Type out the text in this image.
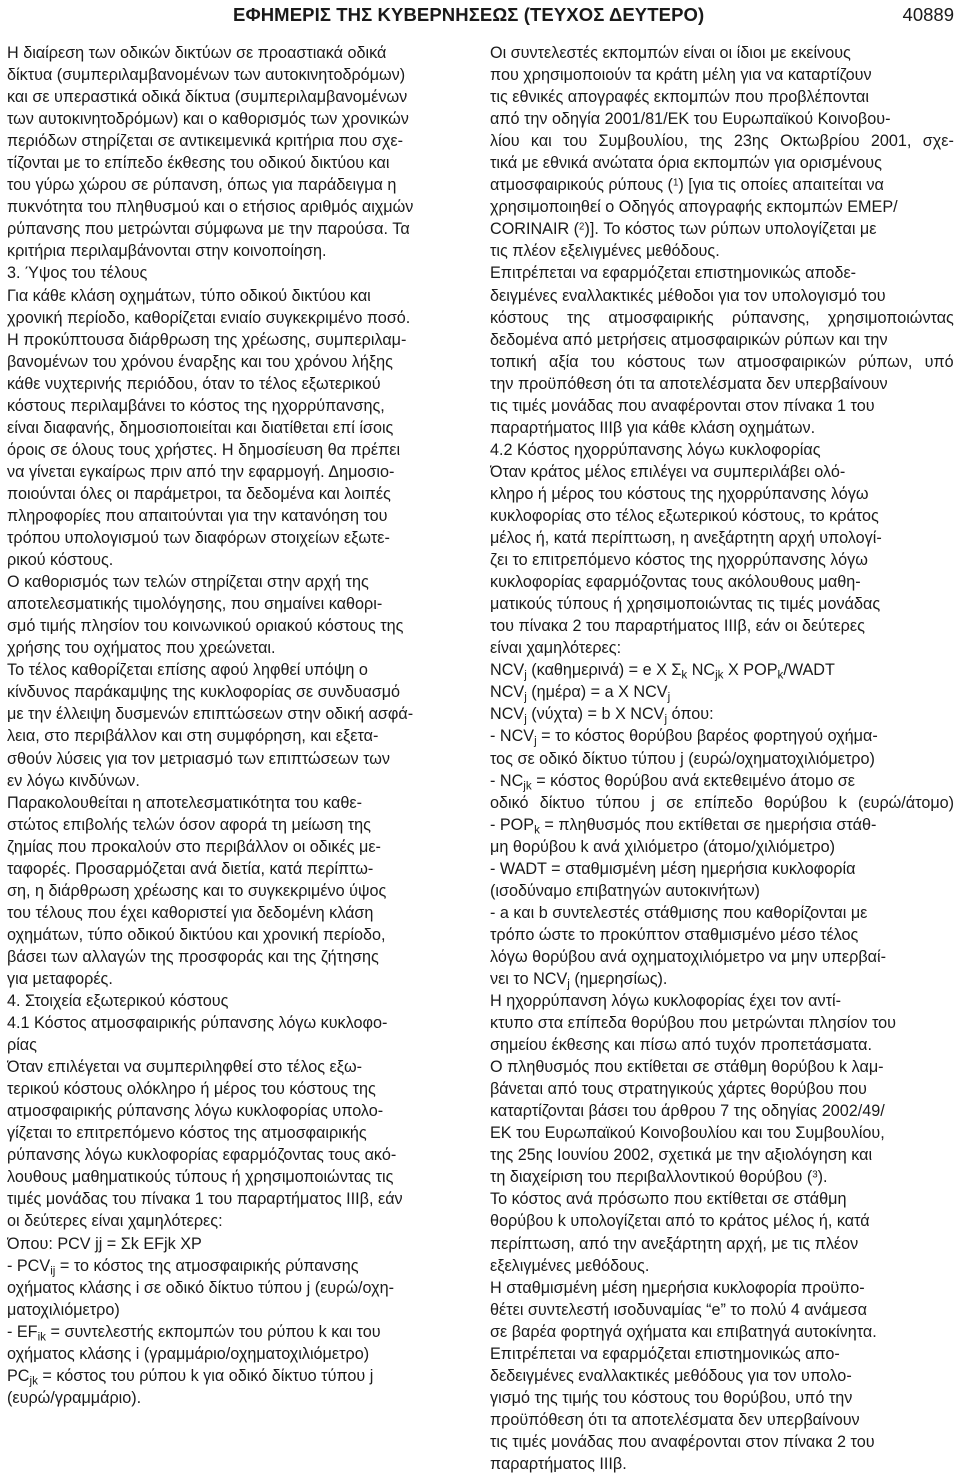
ΕΦΗΜΕΡΙΣ ΤΗΣ ΚΥΒΕΡΝΗΣΕΩΣ (ΤΕΥΧΟΣ ΔΕΥΤΕΡΟ)	40889
Η διαίρεση των οδικών δικτύων σε προαστιακά οδικά
δίκτυα (συμπεριλαμβανομένων των αυτοκινητοδρόμων)
και σε υπεραστικά οδικά δίκτυα (συμπεριλαμβανομένων
των αυτοκινητοδρόμων) και ο καθορισμός των χρονικών
περιόδων στηρίζεται σε αντικειμενικά κριτήρια που σχε-
τίζονται με το επίπεδο έκθεσης του οδικού δικτύου και
του γύρω χώρου σε ρύπανση, όπως για παράδειγμα η
πυκνότητα του πληθυσμού και ο ετήσιος αριθμός αιχμών
ρύπανσης που μετρώνται σύμφωνα με την παρούσα. Τα
κριτήρια περιλαμβάνονται στην κοινοποίηση.
3. Ύψος του τέλους
Για κάθε κλάση οχημάτων, τύπο οδικού δικτύου και
χρονική περίοδο, καθορίζεται ενιαίο συγκεκριμένο ποσό.
Η προκύπτουσα διάρθρωση της χρέωσης, συμπεριλαμ-
βανομένων του χρόνου έναρξης και του χρόνου λήξης
κάθε νυχτερινής περιόδου, όταν το τέλος εξωτερικού
κόστους περιλαμβάνει το κόστος της ηχορρύπανσης,
είναι διαφανής, δημοσιοποιείται και διατίθεται επί ίσοις
όροις σε όλους τους χρήστες. Η δημοσίευση θα πρέπει
να γίνεται εγκαίρως πριν από την εφαρμογή. Δημοσιο-
ποιούνται όλες οι παράμετροι, τα δεδομένα και λοιπές
πληροφορίες που απαιτούνται για την κατανόηση του
τρόπου υπολογισμού των διαφόρων στοιχείων εξωτε-
ρικού κόστους.
Ο καθορισμός των τελών στηρίζεται στην αρχή της
αποτελεσματικής τιμολόγησης, που σημαίνει καθορι-
σμό τιμής πλησίον του κοινωνικού οριακού κόστους της
χρήσης του οχήματος που χρεώνεται.
Το τέλος καθορίζεται επίσης αφού ληφθεί υπόψη ο
κίνδυνος παράκαμψης της κυκλοφορίας σε συνδυασμό
με την έλλειψη δυσμενών επιπτώσεων στην οδική ασφά-
λεια, στο περιβάλλον και στη συμφόρηση, και εξετα-
σθούν λύσεις για τον μετριασμό των επιπτώσεων των
εν λόγω κινδύνων.
Παρακολουθείται η αποτελεσματικότητα του καθε-
στώτος επιβολής τελών όσον αφορά τη μείωση της
ζημίας που προκαλούν στο περιβάλλον οι οδικές με-
ταφορές. Προσαρμόζεται ανά διετία, κατά περίπτω-
ση, η διάρθρωση χρέωσης και το συγκεκριμένο ύψος
του τέλους που έχει καθοριστεί για δεδομένη κλάση
οχημάτων, τύπο οδικού δικτύου και χρονική περίοδο,
βάσει των αλλαγών της προσφοράς και της ζήτησης
για μεταφορές.
4. Στοιχεία εξωτερικού κόστους
4.1 Κόστος ατμοσφαιρικής ρύπανσης λόγω κυκλοφο-
ρίας
Όταν επιλέγεται να συμπεριληφθεί στο τέλος εξω-
τερικού κόστους ολόκληρο ή μέρος του κόστους της
ατμοσφαιρικής ρύπανσης λόγω κυκλοφορίας υπολο-
γίζεται το επιτρεπόμενο κόστος της ατμοσφαιρικής
ρύπανσης λόγω κυκλοφορίας εφαρμόζοντας τους ακό-
λουθους μαθηματικούς τύπους ή χρησιμοποιώντας τις
τιμές μονάδας του πίνακα 1 του παραρτήματος ΙΙΙβ, εάν
οι δεύτερες είναι χαμηλότερες:
Όπου: PCV jj = Σk EFjk XP
- $PCV_{ij} = \tau o$ κόστος της ατμοσφαιρικής ρύπανσης
οχήματος κλάσης i σε οδικό δίκτυο τύπου j (ευρώ/οχη-
ματοχιλιόμετρο)
- $EF_{ik} = \sigma\upsilon\nu\tau\varepsilon\lambda\varepsilon\sigma\tau ή\varsigma$ εκπομπών του ρύπου k και του
οχήματος κλάσης i (γραμμάριο/οχηματοχιλιόμετρο)
$PC_{jk} = \kappa ό\sigma\tau o\varsigma$ του ρύπου k για οδικό δίκτυο τύπου j
(ευρώ/γραμμάριο).
Οι συντελεστές εκπομπών είναι οι ίδιοι με εκείνους
που χρησιμοποιούν τα κράτη μέλη για να καταρτίζουν
τις εθνικές απογραφές εκπομπών που προβλέπονται
από την οδηγία 2001/81/ΕΚ του Ευρωπαϊκού Κοινοβου-
λίου και του Συμβουλίου, της 23ης Οκτωβρίου 2001, σχε-
τικά με εθνικά ανώτατα όρια εκπομπών για ορισμένους
ατμοσφαιρικούς ρύπους ($^1$) [για τις οποίες απαιτείται να
χρησιμοποιηθεί ο Οδηγός απογραφής εκπομπών EMEP/
CORINAIR ($^2$)]. Το κόστος των ρύπων υπολογίζεται με
τις πλέον εξελιγμένες μεθόδους.
Επιτρέπεται να εφαρμόζεται επιστημονικώς αποδε-
δειγμένες εναλλακτικές μέθοδοι για τον υπολογισμό του
κόστους της ατμοσφαιρικής ρύπανσης, χρησιμοποιώντας
δεδομένα από μετρήσεις ατμοσφαιρικών ρύπων και την
τοπική αξία του κόστους των ατμοσφαιρικών ρύπων, υπό
την προϋπόθεση ότι τα αποτελέσματα δεν υπερβαίνουν
τις τιμές μονάδας που αναφέρονται στον πίνακα 1 του
παραρτήματος ΙΙΙβ για κάθε κλάση οχημάτων.
4.2 Κόστος ηχορρύπανσης λόγω κυκλοφορίας
Όταν κράτος μέλος επιλέγει να συμπεριλάβει ολό-
κληρο ή μέρος του κόστους της ηχορρύπανσης λόγω
κυκλοφορίας στο τέλος εξωτερικού κόστους, το κράτος
μέλος ή, κατά περίπτωση, η ανεξάρτητη αρχή υπολογί-
ζει το επιτρεπόμενο κόστος της ηχορρύπανσης λόγω
κυκλοφορίας εφαρμόζοντας τους ακόλουθους μαθη-
ματικούς τύπους ή χρησιμοποιώντας τις τιμές μονάδας
του πίνακα 2 του παραρτήματος ΙΙΙβ, εάν οι δεύτερες
είναι χαμηλότερες:
$NCV_j$ (καθημερινά) = e X $\Sigma_k$ $NC_{jk}$ X $POP_k$/WADT
$NCV_j$ (ημέρα) = a X $NCV_j$
$NCV_j$ (νύχτα) = b X $NCV_j$ όπου:
- $NCV_j = \tau o$ κόστος θορύβου βαρέος φορτηγού οχήμα-
τος σε οδικό δίκτυο τύπου j (ευρώ/οχηματοχιλιόμετρο)
- $NC_{jk} = \kappa ό\sigma\tau o\varsigma$ θορύβου ανά εκτεθειμένο άτομο σε
οδικό δίκτυο τύπου j σε επίπεδο θορύβου k (ευρώ/άτομο)
- $POP_k = \pi\lambda\eta\theta\upsilon\sigma\mu ό\varsigma$ που εκτίθεται σε ημερήσια στάθ-
μη θορύβου k ανά χιλιόμετρο (άτομο/χιλιόμετρο)
- WADT = σταθμισμένη μέση ημερήσια κυκλοφορία
(ισοδύναμο επιβατηγών αυτοκινήτων)
- a και b συντελεστές στάθμισης που καθορίζονται με
τρόπο ώστε το προκύπτον σταθμισμένο μέσο τέλος
λόγω θορύβου ανά οχηματοχιλιόμετρο να μην υπερβαί-
νει το $NCV_j$ (ημερησίως).
Η ηχορρύπανση λόγω κυκλοφορίας έχει τον αντί-
κτυπο στα επίπεδα θορύβου που μετρώνται πλησίον του
σημείου έκθεσης και πίσω από τυχόν προπετάσματα.
Ο πληθυσμός που εκτίθεται σε στάθμη θορύβου k λαμ-
βάνεται από τους στρατηγικούς χάρτες θορύβου που
καταρτίζονται βάσει του άρθρου 7 της οδηγίας 2002/49/
ΕΚ του Ευρωπαϊκού Κοινοβουλίου και του Συμβουλίου,
της 25ης Ιουνίου 2002, σχετικά με την αξιολόγηση και
τη διαχείριση του περιβαλλοντικού θορύβου ($^3$).
Το κόστος ανά πρόσωπο που εκτίθεται σε στάθμη
θορύβου k υπολογίζεται από το κράτος μέλος ή, κατά
περίπτωση, από την ανεξάρτητη αρχή, με τις πλέον
εξελιγμένες μεθόδους.
Η σταθμισμένη μέση ημερήσια κυκλοφορία προϋπο-
θέτει συντελεστή ισοδυναμίας “e” το πολύ 4 ανάμεσα
σε βαρέα φορτηγά οχήματα και επιβατηγά αυτοκίνητα.
Επιτρέπεται να εφαρμόζεται επιστημονικώς απο-
δεδειγμένες εναλλακτικές μεθόδους για τον υπολο-
γισμό της τιμής του κόστους του θορύβου, υπό την
προϋπόθεση ότι τα αποτελέσματα δεν υπερβαίνουν
τις τιμές μονάδας που αναφέρονται στον πίνακα 2 του
παραρτήματος ΙΙΙβ.
